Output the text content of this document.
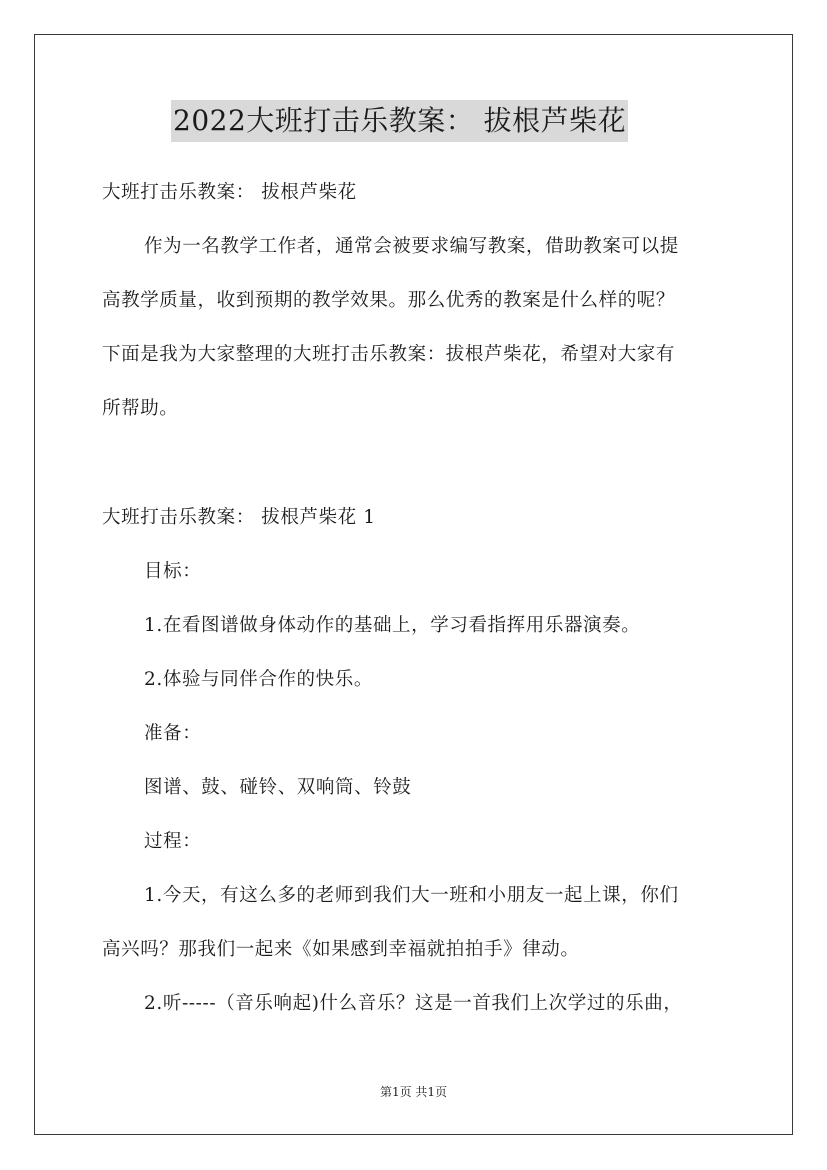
2022大班打击乐教案： 拔根芦柴花
大班打击乐教案： 拔根芦柴花
作为一名教学工作者，通常会被要求编写教案，借助教案可以提
高教学质量，收到预期的教学效果。那么优秀的教案是什么样的呢？
下面是我为大家整理的大班打击乐教案：拔根芦柴花，希望对大家有
所帮助。
大班打击乐教案： 拔根芦柴花 1
目标：
1.在看图谱做身体动作的基础上，学习看指挥用乐器演奏。
2.体验与同伴合作的快乐。
准备：
图谱、鼓、碰铃、双响筒、铃鼓
过程：
1.今天，有这么多的老师到我们大一班和小朋友一起上课，你们
高兴吗？那我们一起来《如果感到幸福就拍拍手》律动。
2.听-----（音乐响起)什么音乐？这是一首我们上次学过的乐曲，
第1页 共1页
